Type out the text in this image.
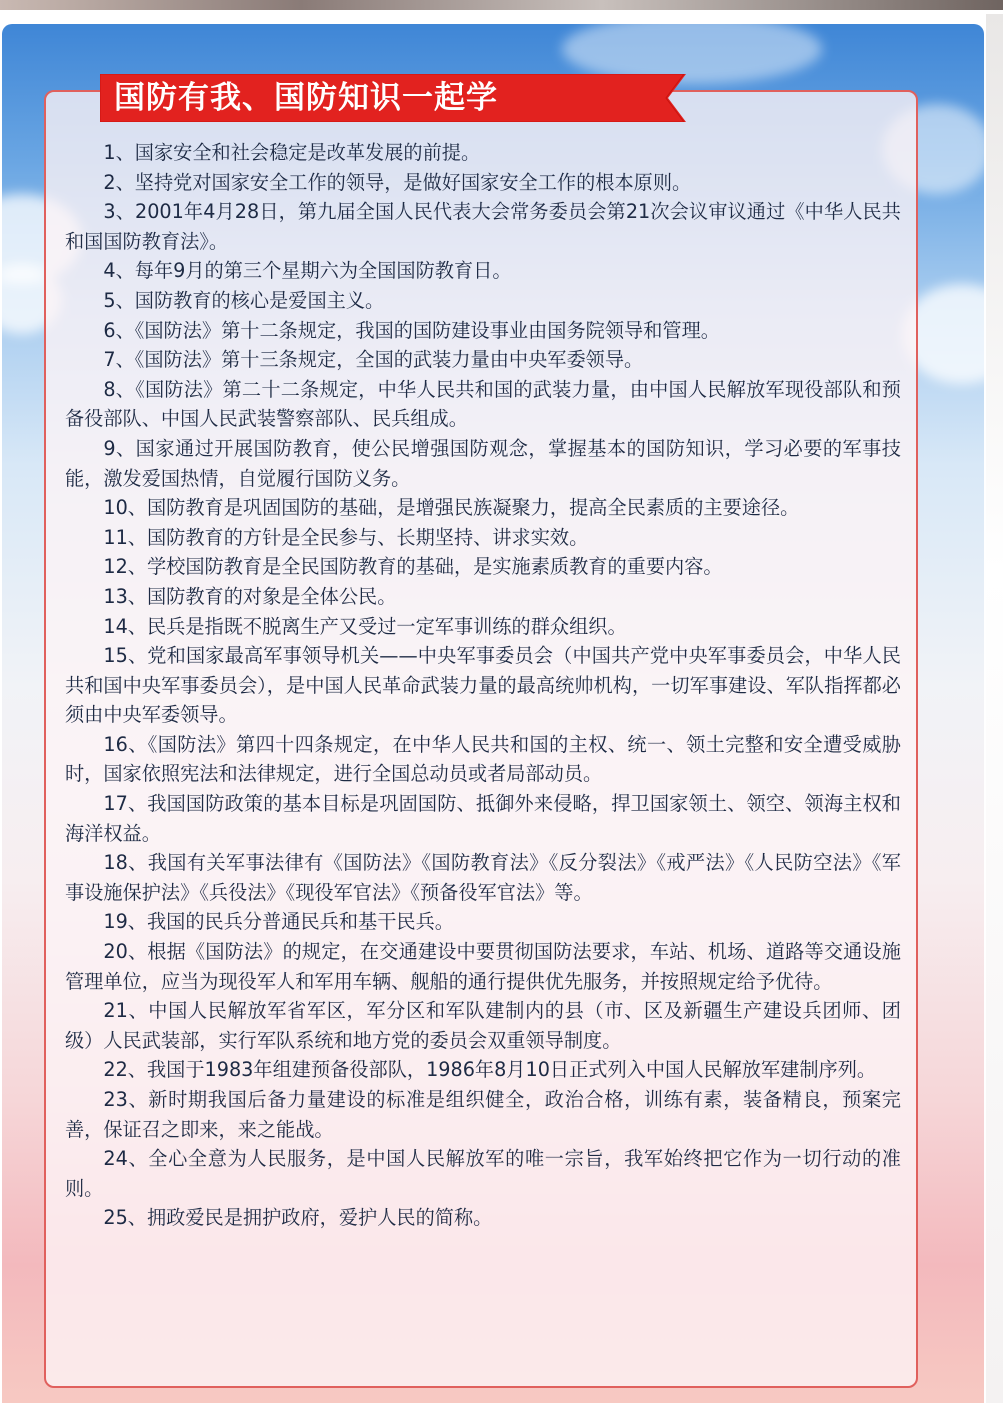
国防有我、国防知识一起学
1、国家安全和社会稳定是改革发展的前提。
2、坚持党对国家安全工作的领导，是做好国家安全工作的根本原则。
3、2001年4月28日，第九届全国人民代表大会常务委员会第21次会议审议通过《中华人民共和国国防教育法》。
4、每年9月的第三个星期六为全国国防教育日。
5、国防教育的核心是爱国主义。
6、《国防法》第十二条规定，我国的国防建设事业由国务院领导和管理。
7、《国防法》第十三条规定，全国的武装力量由中央军委领导。
8、《国防法》第二十二条规定，中华人民共和国的武装力量，由中国人民解放军现役部队和预备役部队、中国人民武装警察部队、民兵组成。
9、国家通过开展国防教育，使公民增强国防观念，掌握基本的国防知识，学习必要的军事技能，激发爱国热情，自觉履行国防义务。
10、国防教育是巩固国防的基础，是增强民族凝聚力，提高全民素质的主要途径。
11、国防教育的方针是全民参与、长期坚持、讲求实效。
12、学校国防教育是全民国防教育的基础，是实施素质教育的重要内容。
13、国防教育的对象是全体公民。
14、民兵是指既不脱离生产又受过一定军事训练的群众组织。
15、党和国家最高军事领导机关——中央军事委员会（中国共产党中央军事委员会，中华人民共和国中央军事委员会），是中国人民革命武装力量的最高统帅机构，一切军事建设、军队指挥都必须由中央军委领导。
16、《国防法》第四十四条规定，在中华人民共和国的主权、统一、领土完整和安全遭受威胁时，国家依照宪法和法律规定，进行全国总动员或者局部动员。
17、我国国防政策的基本目标是巩固国防、抵御外来侵略，捍卫国家领土、领空、领海主权和海洋权益。
18、我国有关军事法律有《国防法》《国防教育法》《反分裂法》《戒严法》《人民防空法》《军事设施保护法》《兵役法》《现役军官法》《预备役军官法》等。
19、我国的民兵分普通民兵和基干民兵。
20、根据《国防法》的规定，在交通建设中要贯彻国防法要求，车站、机场、道路等交通设施管理单位，应当为现役军人和军用车辆、舰船的通行提供优先服务，并按照规定给予优待。
21、中国人民解放军省军区，军分区和军队建制内的县（市、区及新疆生产建设兵团师、团级）人民武装部，实行军队系统和地方党的委员会双重领导制度。
22、我国于1983年组建预备役部队，1986年8月10日正式列入中国人民解放军建制序列。
23、新时期我国后备力量建设的标准是组织健全，政治合格，训练有素，装备精良，预案完善，保证召之即来，来之能战。
24、全心全意为人民服务，是中国人民解放军的唯一宗旨，我军始终把它作为一切行动的准则。
25、拥政爱民是拥护政府，爱护人民的简称。
